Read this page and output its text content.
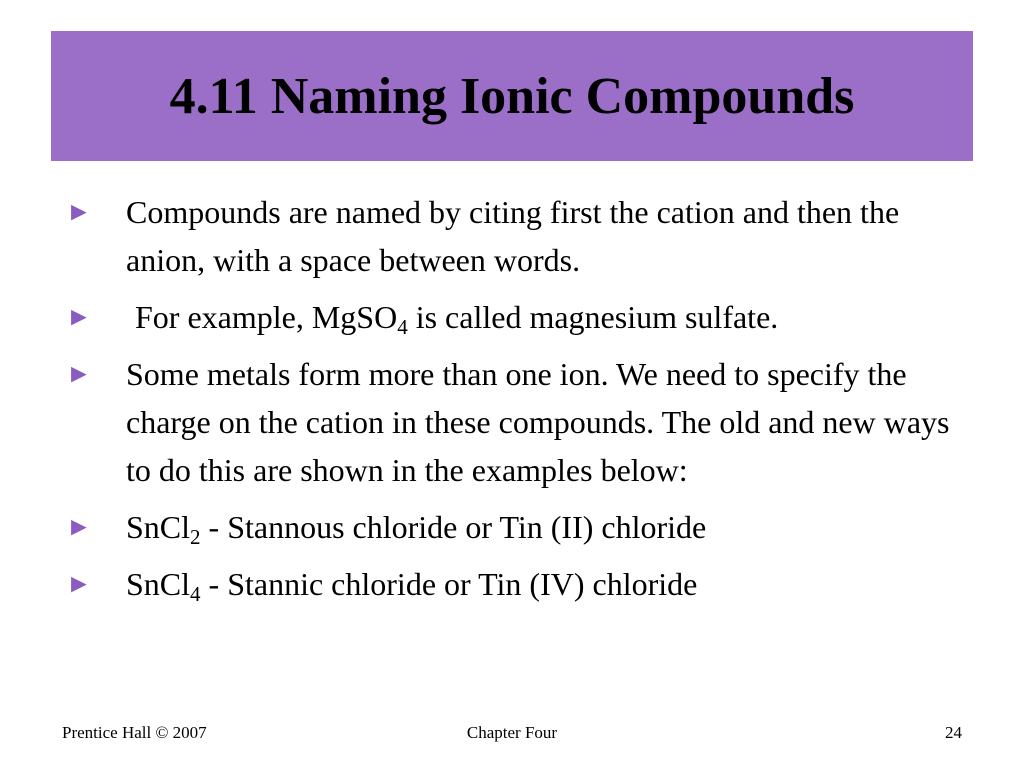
4.11 Naming Ionic Compounds
► Compounds are named by citing first the cation and then the anion, with a space between words.
► For example, MgSO$_4$ is called magnesium sulfate.
► Some metals form more than one ion. We need to specify the charge on the cation in these compounds. The old and new ways to do this are shown in the examples below:
► SnCl$_2$ - Stannous chloride or Tin (II) chloride
► SnCl$_4$ - Stannic chloride or Tin (IV) chloride
Prentice Hall © 2007	Chapter Four	24
